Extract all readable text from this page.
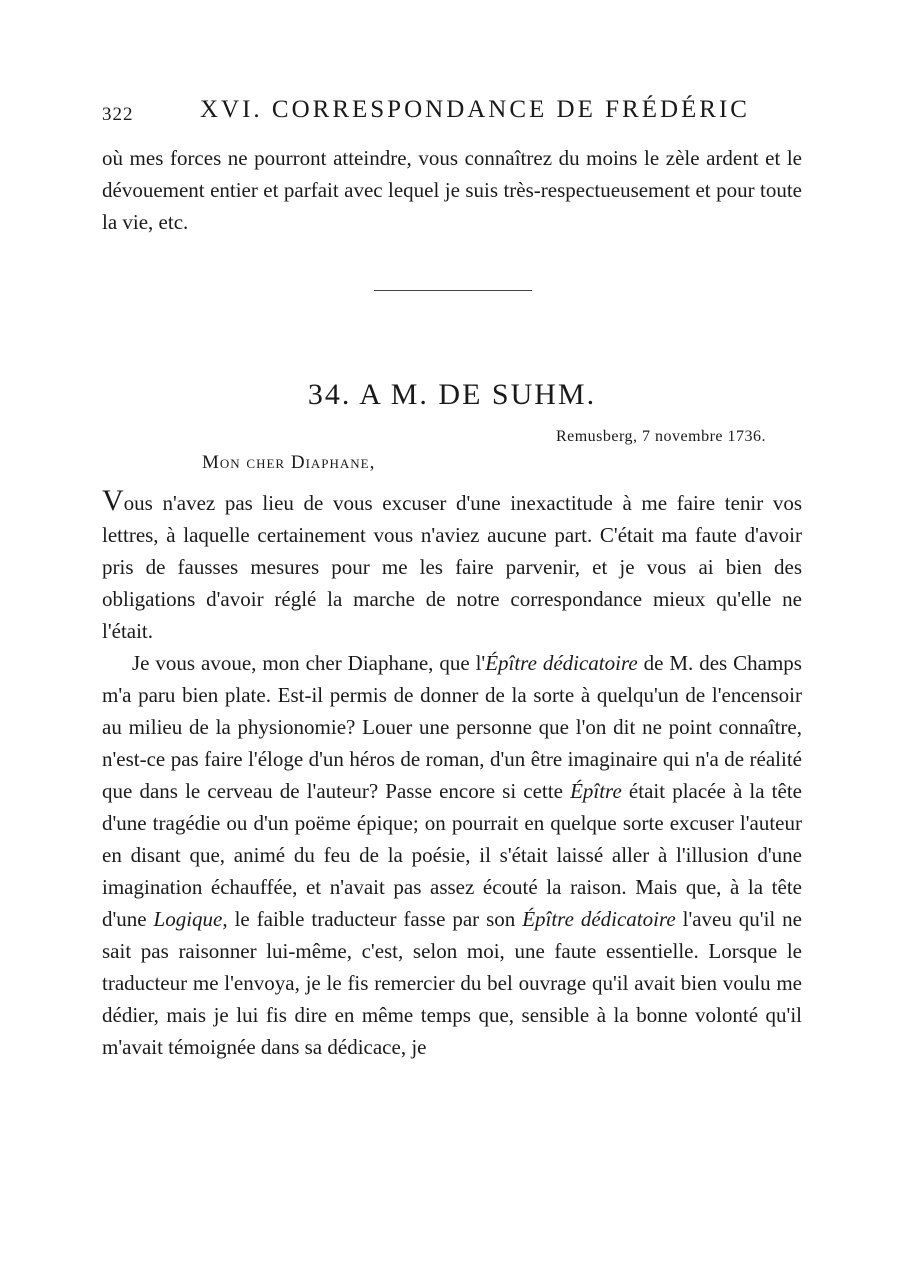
322	XVI. CORRESPONDANCE DE FRÉDÉRIC

où mes forces ne pourront atteindre, vous connaîtrez du moins le zèle ardent et le dévouement entier et parfait avec lequel je suis très-respectueusement et pour toute la vie, etc.

34. A M. DE SUHM.
Remusberg, 7 novembre 1736.
Mon cher Diaphane,

Vous n'avez pas lieu de vous excuser d'une inexactitude à me faire tenir vos lettres, à laquelle certainement vous n'aviez aucune part. C'était ma faute d'avoir pris de fausses mesures pour me les faire parvenir, et je vous ai bien des obligations d'avoir réglé la marche de notre correspondance mieux qu'elle ne l'était.

Je vous avoue, mon cher Diaphane, que l'Épître dédicatoire de M. des Champs m'a paru bien plate. Est-il permis de donner de la sorte à quelqu'un de l'encensoir au milieu de la physionomie? Louer une personne que l'on dit ne point connaître, n'est-ce pas faire l'éloge d'un héros de roman, d'un être imaginaire qui n'a de réalité que dans le cerveau de l'auteur? Passe encore si cette Épître était placée à la tête d'une tragédie ou d'un poëme épique; on pourrait en quelque sorte excuser l'auteur en disant que, animé du feu de la poésie, il s'était laissé aller à l'illusion d'une imagination échauffée, et n'avait pas assez écouté la raison. Mais que, à la tête d'une Logique, le faible traducteur fasse par son Épître dédicatoire l'aveu qu'il ne sait pas raisonner lui-même, c'est, selon moi, une faute essentielle. Lorsque le traducteur me l'envoya, je le fis remercier du bel ouvrage qu'il avait bien voulu me dédier, mais je lui fis dire en même temps que, sensible à la bonne volonté qu'il m'avait témoignée dans sa dédicace, je
